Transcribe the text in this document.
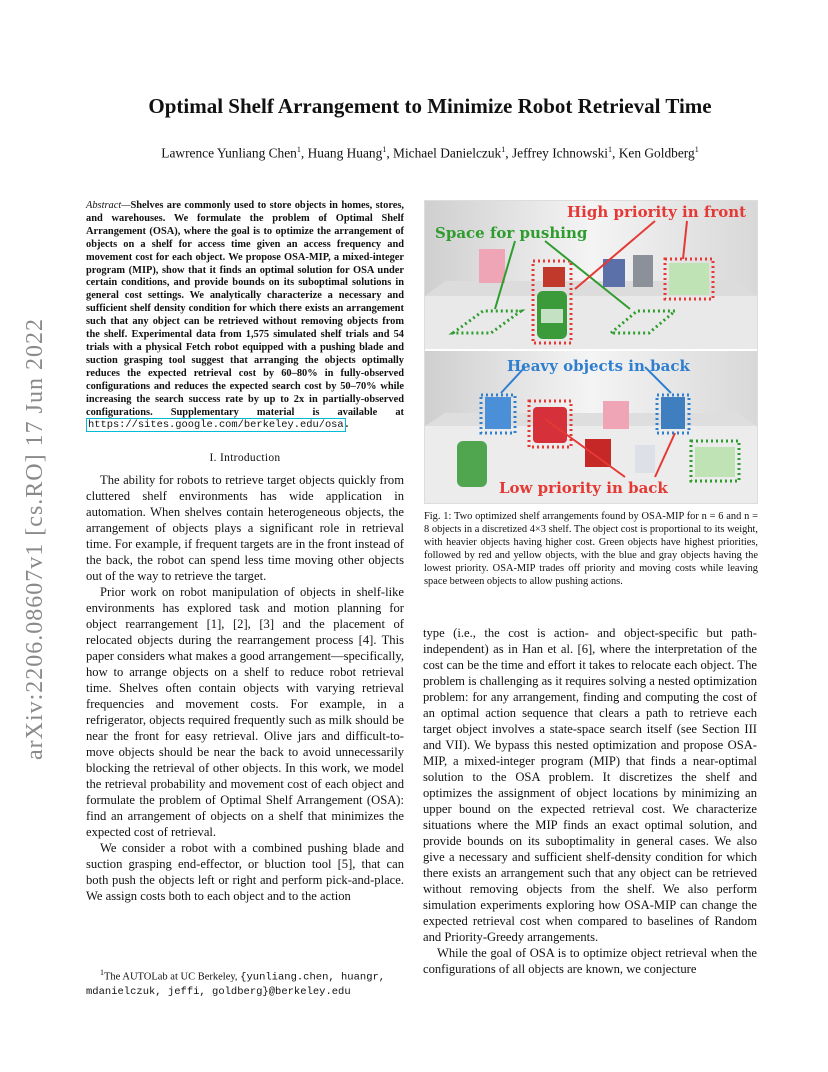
arXiv:2206.08607v1 [cs.RO] 17 Jun 2022
Optimal Shelf Arrangement to Minimize Robot Retrieval Time
Lawrence Yunliang Chen$^1$, Huang Huang$^1$, Michael Danielczuk$^1$, Jeffrey Ichnowski$^1$, Ken Goldberg$^1$
Abstract—Shelves are commonly used to store objects in homes, stores, and warehouses. We formulate the problem of Optimal Shelf Arrangement (OSA), where the goal is to optimize the arrangement of objects on a shelf for access time given an access frequency and movement cost for each object. We propose OSA-MIP, a mixed-integer program (MIP), show that it finds an optimal solution for OSA under certain conditions, and provide bounds on its suboptimal solutions in general cost settings. We analytically characterize a necessary and sufficient shelf density condition for which there exists an arrangement such that any object can be retrieved without removing objects from the shelf. Experimental data from 1,575 simulated shelf trials and 54 trials with a physical Fetch robot equipped with a pushing blade and suction grasping tool suggest that arranging the objects optimally reduces the expected retrieval cost by 60–80% in fully-observed configurations and reduces the expected search cost by 50–70% while increasing the search success rate by up to 2x in partially-observed configurations. Supplementary material is available at https://sites.google.com/berkeley.edu/osa .
I. Introduction

The ability for robots to retrieve target objects quickly from cluttered shelf environments has wide application in automation. When shelves contain heterogeneous objects, the arrangement of objects plays a significant role in retrieval time. For example, if frequent targets are in the front instead of the back, the robot can spend less time moving other objects out of the way to retrieve the target.

Prior work on robot manipulation of objects in shelf-like environments has explored task and motion planning for object rearrangement [1], [2], [3] and the placement of relocated objects during the rearrangement process [4]. This paper considers what makes a good arrangement—specifically, how to arrange objects on a shelf to reduce robot retrieval time. Shelves often contain objects with varying retrieval frequencies and movement costs. For example, in a refrigerator, objects required frequently such as milk should be near the front for easy retrieval. Olive jars and difficult-to-move objects should be near the back to avoid unnecessarily blocking the retrieval of other objects. In this work, we model the retrieval probability and movement cost of each object and formulate the problem of Optimal Shelf Arrangement (OSA): find an arrangement of objects on a shelf that minimizes the expected cost of retrieval.

We consider a robot with a combined pushing blade and suction grasping end-effector, or bluction tool [5], that can both push the objects left or right and perform pick-and-place. We assign costs both to each object and to the action

$^1$The AUTOLab at UC Berkeley, {yunliang.chen, huangr, mdanielczuk, jeffi, goldberg}@berkeley.edu
High priority in front
Space for pushing
Heavy objects in back
Low priority in back
Fig. 1: Two optimized shelf arrangements found by OSA-MIP for n = 6 and n = 8 objects in a discretized 4×3 shelf. The object cost is proportional to its weight, with heavier objects having higher cost. Green objects have highest priorities, followed by red and yellow objects, with the blue and gray objects having the lowest priority. OSA-MIP trades off priority and moving costs while leaving space between objects to allow pushing actions.

type (i.e., the cost is action- and object-specific but path-independent) as in Han et al. [6], where the interpretation of the cost can be the time and effort it takes to relocate each object. The problem is challenging as it requires solving a nested optimization problem: for any arrangement, finding and computing the cost of an optimal action sequence that clears a path to retrieve each target object involves a state-space search itself (see Section III and VII). We bypass this nested optimization and propose OSA-MIP, a mixed-integer program (MIP) that finds a near-optimal solution to the OSA problem. It discretizes the shelf and optimizes the assignment of object locations by minimizing an upper bound on the expected retrieval cost. We characterize situations where the MIP finds an exact optimal solution, and provide bounds on its suboptimality in general cases. We also give a necessary and sufficient shelf-density condition for which there exists an arrangement such that any object can be retrieved without removing objects from the shelf. We also perform simulation experiments exploring how OSA-MIP can change the expected retrieval cost when compared to baselines of Random and Priority-Greedy arrangements.

While the goal of OSA is to optimize object retrieval when the configurations of all objects are known, we conjecture
